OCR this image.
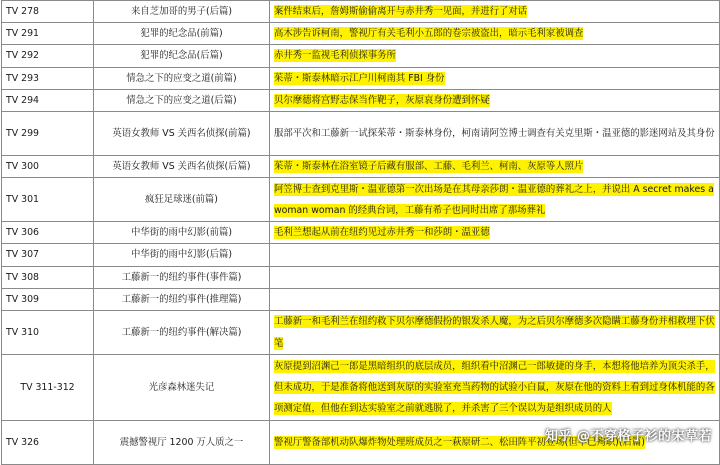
TV 278	来自芝加哥的男子(后篇)	案件结束后，詹姆斯偷偷离开与赤井秀一见面，并进行了对话
TV 291	犯罪的纪念品(前篇)	高木涉告诉柯南，警视厅有关毛利小五郎的卷宗被盗出，暗示毛利家被调查
TV 292	犯罪的纪念品(后篇)	赤井秀一监视毛利侦探事务所
TV 293	情急之下的应变之道(前篇)	茱蒂・斯泰林暗示江户川柯南其 FBI 身份
TV 294	情急之下的应变之道(后篇)	贝尔摩德将宫野志保当作靶子，灰原哀身份遭到怀疑
TV 299	英语女教师 VS 关西名侦探(前篇)	服部平次和工藤新一试探茱蒂・斯泰林身份，柯南请阿笠博士调查有关克里斯・温亚德的影迷网站及其身份
TV 300	英语女教师 VS 关西名侦探(后篇)	茱蒂・斯泰林在浴室镜子后藏有服部、工藤、毛利兰、柯南、灰原等人照片
TV 301	疯狂足球迷(前篇)	阿笠博士查到克里斯・温亚德第一次出场是在其母亲莎朗・温亚德的葬礼之上，并说出 A secret makes a woman woman 的经典台词，工藤有希子也同时出席了那场葬礼
TV 306	中华街的雨中幻影(前篇)	毛利兰想起从前在纽约见过赤井秀一和莎朗・温亚德
TV 307	中华街的雨中幻影(后篇)	
TV 308	工藤新一的纽约事件(事件篇)	
TV 309	工藤新一的纽约事件(推理篇)	
TV 310	工藤新一的纽约事件(解决篇)	工藤新一和毛利兰在纽约救下贝尔摩德假扮的银发杀人魔，为之后贝尔摩德多次隐瞒工藤身份并相救埋下伏笔
TV 311-312	光彦森林迷失记	灰原提到沼渊己一郎是黑暗组织的底层成员，组织看中沼渊己一郎敏捷的身手，本想将他培养为顶尖杀手，但未成功，于是准备将他送到灰原的实验室充当药物的试验小白鼠，灰原在他的资料上看到过身体机能的各项测定值，但他在到达实验室之前就逃脱了，并杀害了三个误以为是组织成员的人
TV 326	震撼警视厅 1200 万人质之一	警视厅警备部机动队爆炸物处理班成员之一萩原研二、松田阵平初登场(但早已殉职)(后篇)
知乎 @不穿格子衫的宋草若
